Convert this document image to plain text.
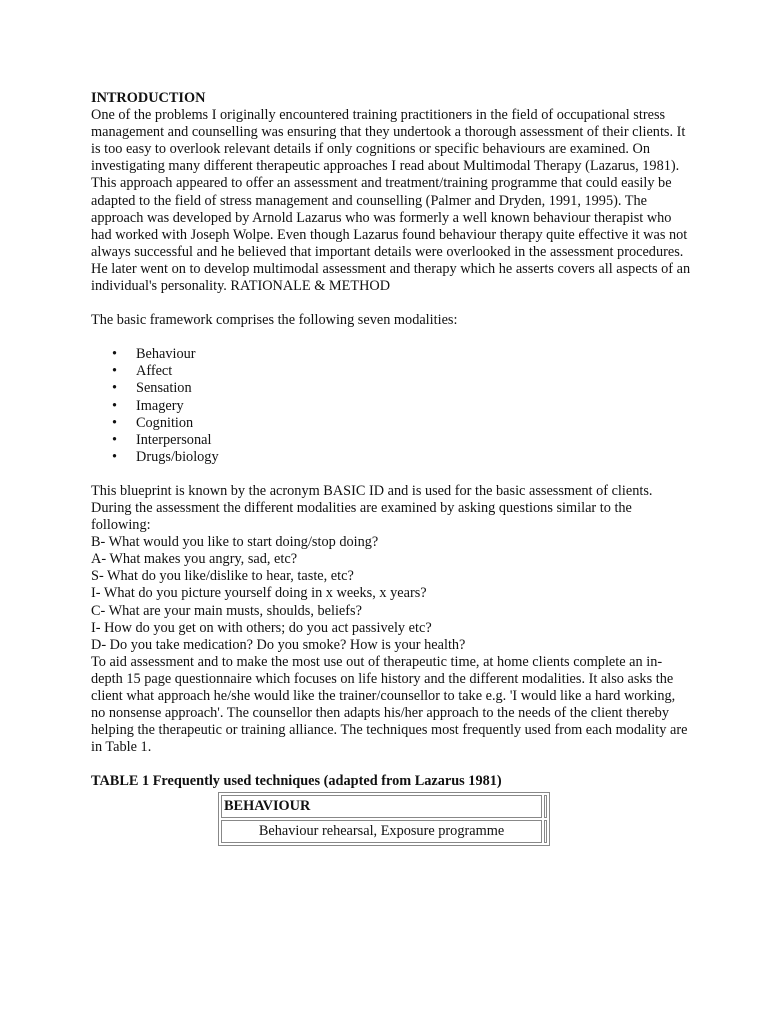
INTRODUCTION
One of the problems I originally encountered training practitioners in the field of occupational stress management and counselling was ensuring that they undertook a thorough assessment of their clients. It is too easy to overlook relevant details if only cognitions or specific behaviours are examined. On investigating many different therapeutic approaches I read about Multimodal Therapy (Lazarus, 1981). This approach appeared to offer an assessment and treatment/training programme that could easily be adapted to the field of stress management and counselling (Palmer and Dryden, 1991, 1995). The approach was developed by Arnold Lazarus who was formerly a well known behaviour therapist who had worked with Joseph Wolpe. Even though Lazarus found behaviour therapy quite effective it was not always successful and he believed that important details were overlooked in the assessment procedures. He later went on to develop multimodal assessment and therapy which he asserts covers all aspects of an individual's personality. RATIONALE & METHOD

The basic framework comprises the following seven modalities:

• Behaviour
• Affect
• Sensation
• Imagery
• Cognition
• Interpersonal
• Drugs/biology

This blueprint is known by the acronym BASIC ID and is used for the basic assessment of clients. During the assessment the different modalities are examined by asking questions similar to the following:

B- What would you like to start doing/stop doing?
A- What makes you angry, sad, etc?
S- What do you like/dislike to hear, taste, etc?
I- What do you picture yourself doing in x weeks, x years?
C- What are your main musts, shoulds, beliefs?
I- How do you get on with others; do you act passively etc?
D- Do you take medication? Do you smoke? How is your health?

To aid assessment and to make the most use out of therapeutic time, at home clients complete an in-depth 15 page questionnaire which focuses on life history and the different modalities. It also asks the client what approach he/she would like the trainer/counsellor to take e.g. 'I would like a hard working, no nonsense approach'. The counsellor then adapts his/her approach to the needs of the client thereby helping the therapeutic or training alliance. The techniques most frequently used from each modality are in Table 1.

TABLE 1 Frequently used techniques (adapted from Lazarus 1981)

BEHAVIOUR	
Behaviour rehearsal, Exposure programme	
